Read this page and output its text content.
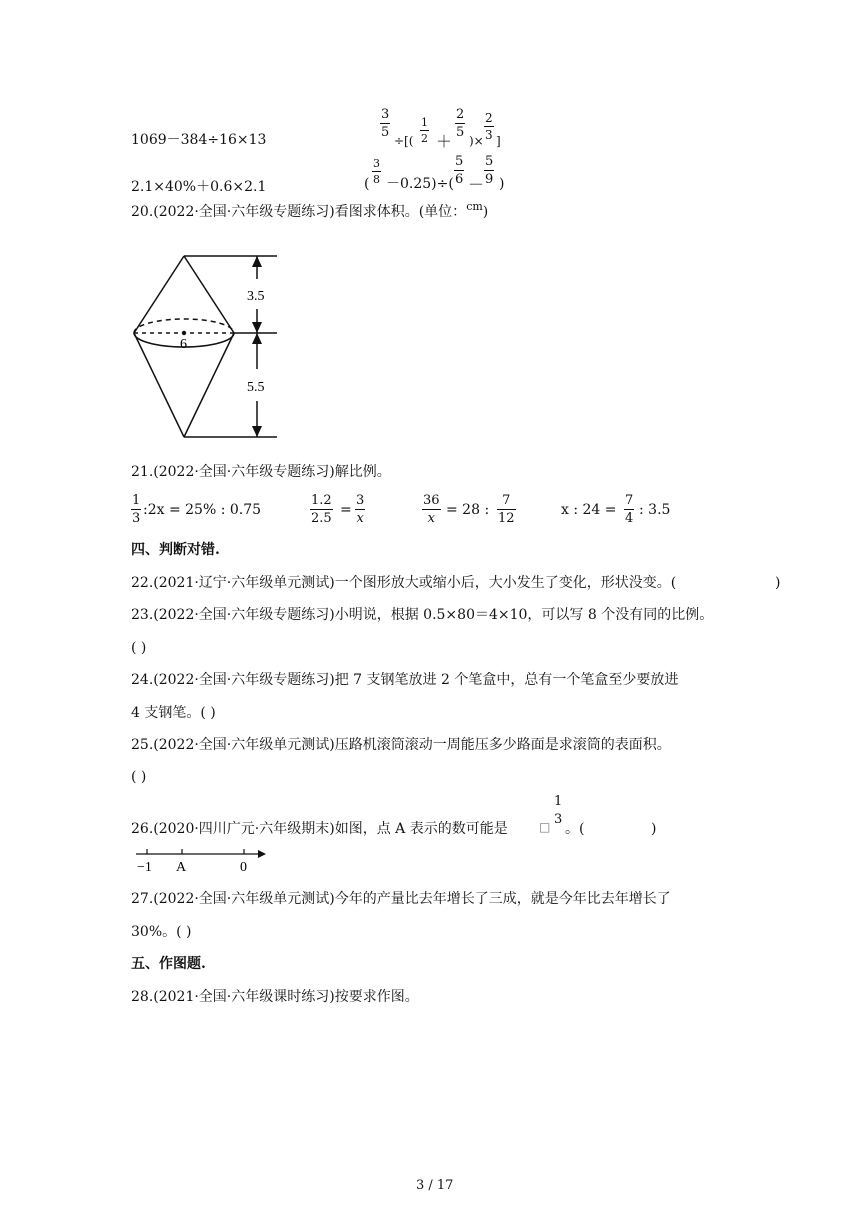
1069－384÷16×13
3
5
÷[(
1
2 ＋
2
5
)×
2
3 ]
2.1×40%＋0.6×2.1	(
3
8 －0.25)÷(
5
6 －
5
9 )
20.(2022·全国·六年级专题练习)看图求体积。(单位：$^{cm}$)
3.5
6
5.5
21.(2022·全国·六年级专题练习)解比例。
1
3
:2x = 25% : 0.75
1.2
2.5
=
3
x
36
x
= 28 :
7
12
x : 24 =
7
4
: 3.5
四、判断对错.
22.(2021·辽宁·六年级单元测试)一个图形放大或缩小后，大小发生了变化，形状没变。(	)
23.(2022·全国·六年级专题练习)小明说，根据 0.5×80＝4×10，可以写 8 个没有同的比例。
( )
24.(2022·全国·六年级专题练习)把 7 支钢笔放进 2 个笔盒中，总有一个笔盒至少要放进
4 支钢笔。( )
25.(2022·全国·六年级单元测试)压路机滚筒滚动一周能压多少路面是求滚筒的表面积。
( )
26.(2020·四川广元·六年级期末)如图，点 A 表示的数可能是	□
1
3
。(	)
−1 A	0
27.(2022·全国·六年级单元测试)今年的产量比去年增长了三成，就是今年比去年增长了
30%。( )
五、作图题.
28.(2021·全国·六年级课时练习)按要求作图。
3 / 17
